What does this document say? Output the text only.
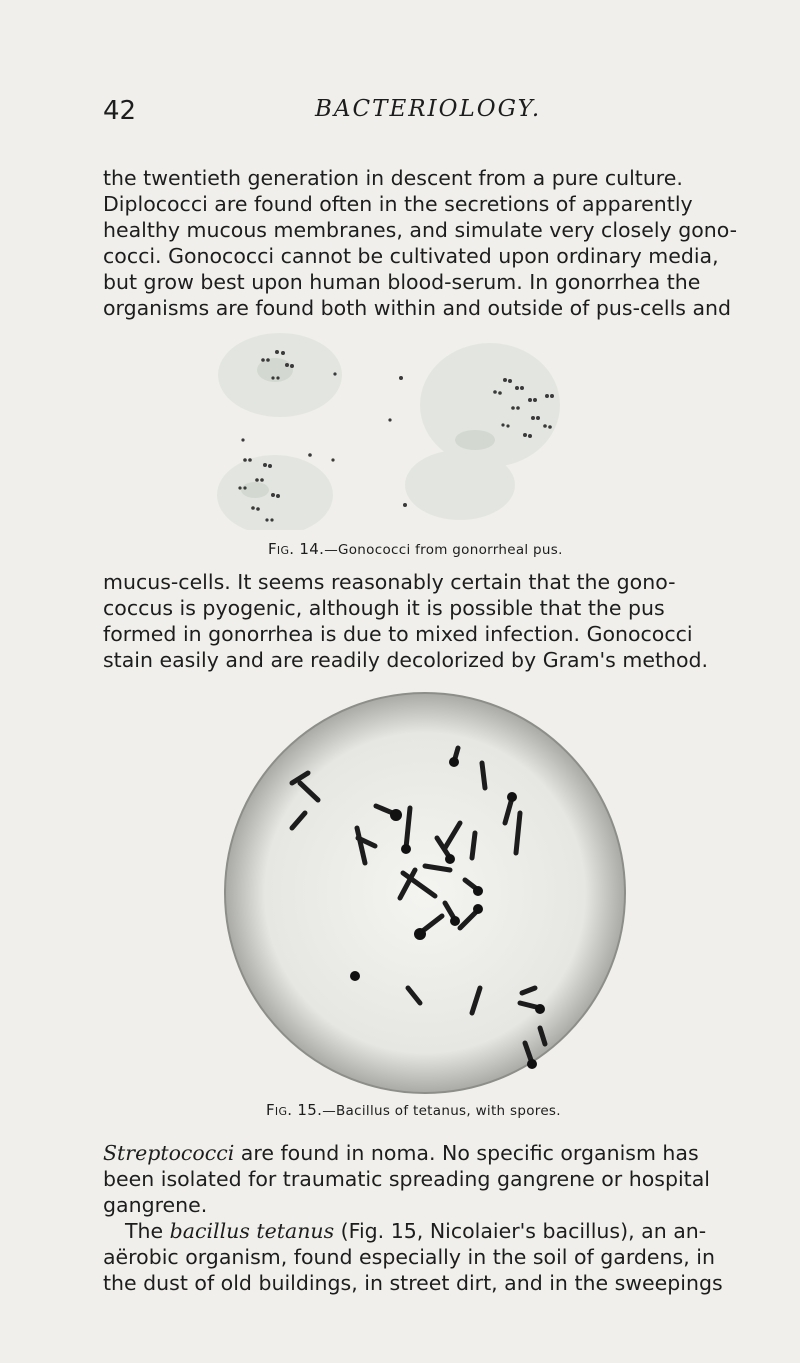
42	BACTERIOLOGY.
the twentieth generation in descent from a pure culture.
Diplococci are found often in the secretions of apparently
healthy mucous membranes, and simulate very closely gono-
cocci. Gonococci cannot be cultivated upon ordinary media,
but grow best upon human blood-serum. In gonorrhea the
organisms are found both within and outside of pus-cells and
Fig. 14.—Gonococci from gonorrheal pus.
mucus-cells. It seems reasonably certain that the gono-
coccus is pyogenic, although it is possible that the pus
formed in gonorrhea is due to mixed infection. Gonococci
stain easily and are readily decolorized by Gram's method.
Fig. 15.—Bacillus of tetanus, with spores.
Streptococci are found in noma. No specific organism has
been isolated for traumatic spreading gangrene or hospital
gangrene.
The bacillus tetanus (Fig. 15, Nicolaier's bacillus), an an-
aërobic organism, found especially in the soil of gardens, in
the dust of old buildings, in street dirt, and in the sweepings
